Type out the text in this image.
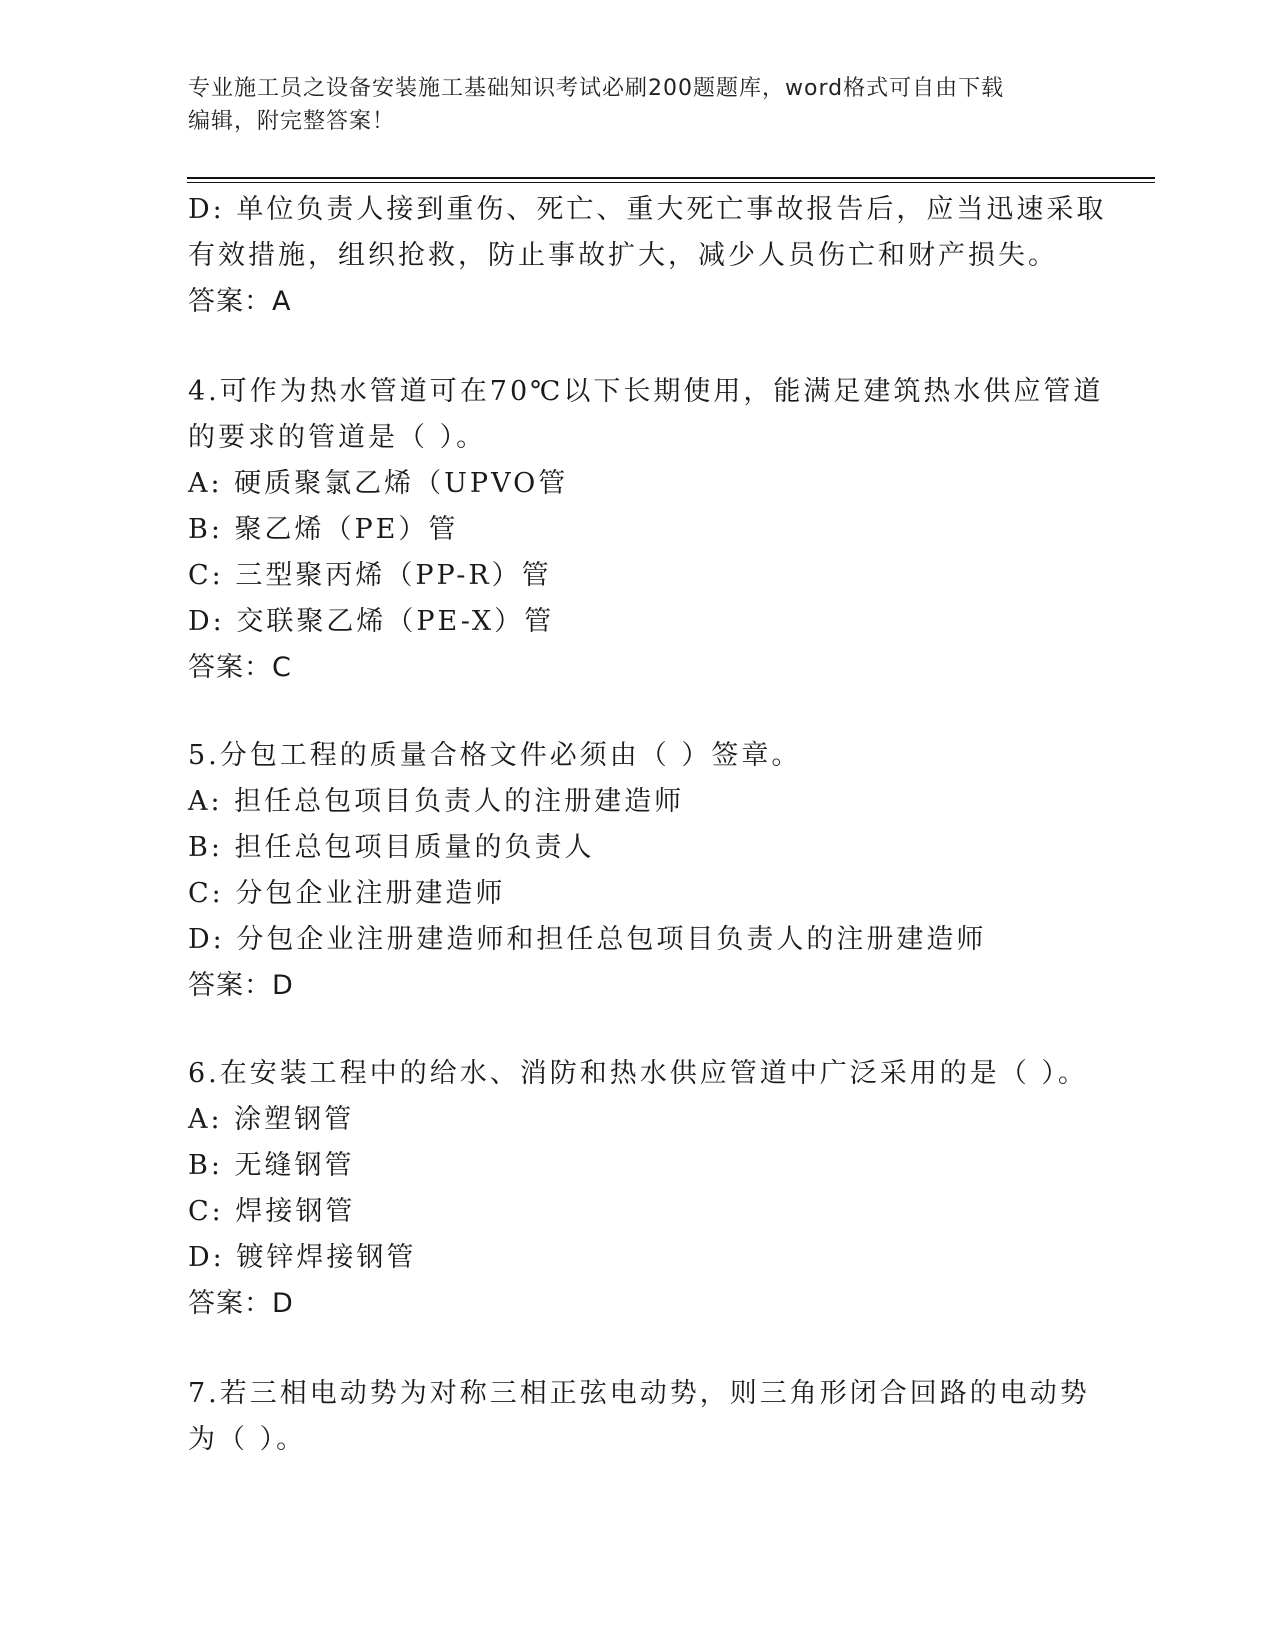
专业施工员之设备安装施工基础知识考试必刷200题题库，word格式可自由下载
编辑，附完整答案！
D: 单位负责人接到重伤、死亡、重大死亡事故报告后，应当迅速采取
有效措施，组织抢救，防止事故扩大，减少人员伤亡和财产损失。
答案：A
4.可作为热水管道可在70℃以下长期使用，能满足建筑热水供应管道
的要求的管道是（ ）。
A: 硬质聚氯乙烯（UPVO管
B: 聚乙烯（PE）管
C: 三型聚丙烯（PP-R）管
D: 交联聚乙烯（PE-X）管
答案：C
5.分包工程的质量合格文件必须由（ ）签章。
A: 担任总包项目负责人的注册建造师
B: 担任总包项目质量的负责人
C: 分包企业注册建造师
D: 分包企业注册建造师和担任总包项目负责人的注册建造师
答案：D
6.在安装工程中的给水、消防和热水供应管道中广泛采用的是（ ）。
A: 涂塑钢管
B: 无缝钢管
C: 焊接钢管
D: 镀锌焊接钢管
答案：D
7.若三相电动势为对称三相正弦电动势，则三角形闭合回路的电动势
为（ ）。
